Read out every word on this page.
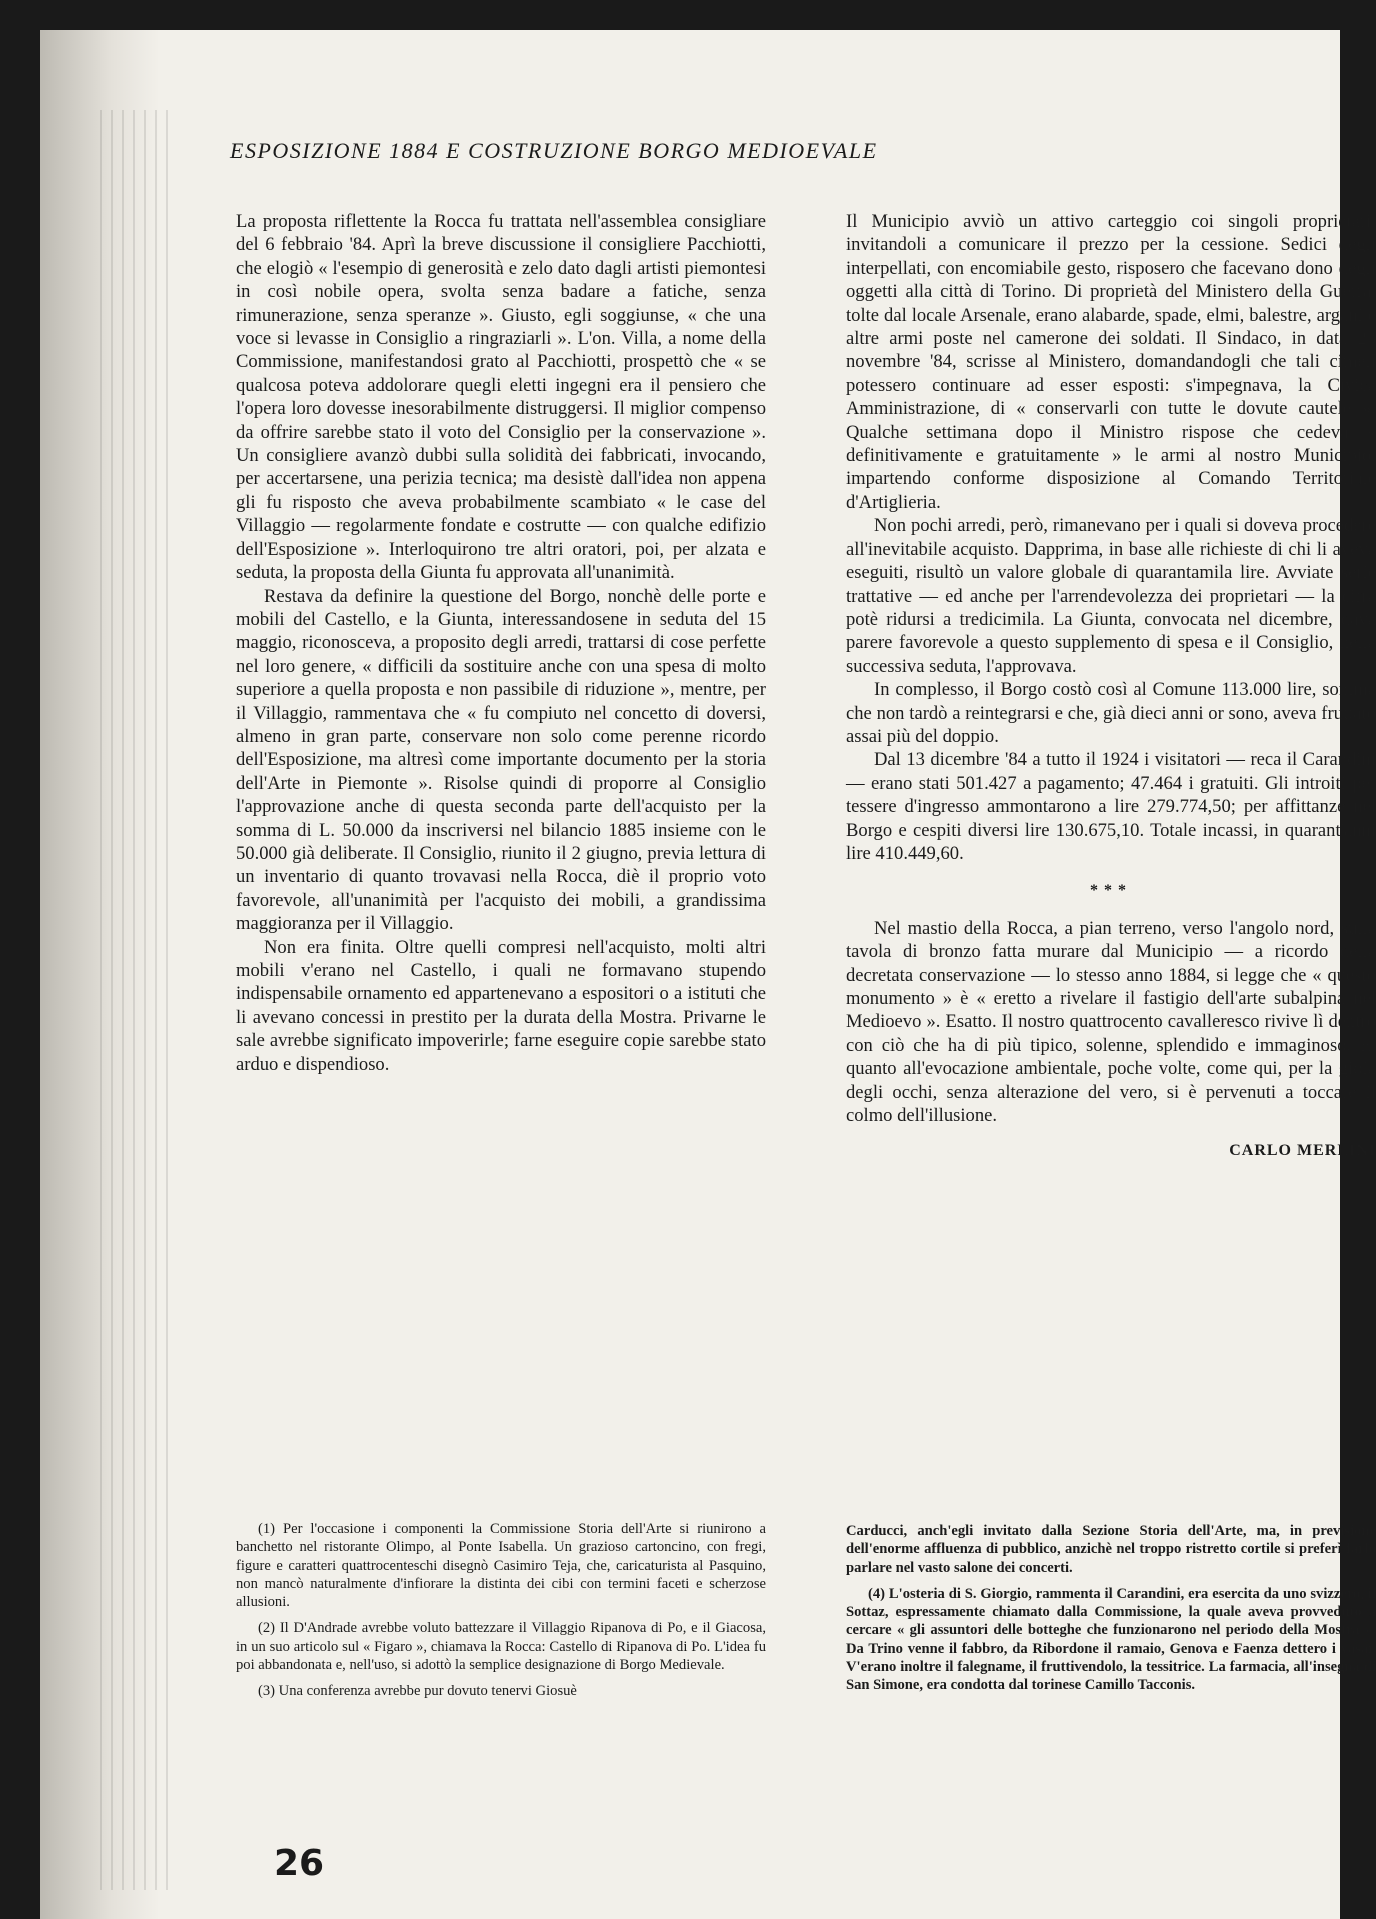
ESPOSIZIONE 1884 E COSTRUZIONE BORGO MEDIOEVALE

La proposta riflettente la Rocca fu trattata nell'assemblea consigliare del 6 febbraio '84. Aprì la breve discussione il consigliere Pacchiotti, che elogiò « l'esempio di generosità e zelo dato dagli artisti piemontesi in così nobile opera, svolta senza badare a fatiche, senza rimunerazione, senza speranze ». Giusto, egli soggiunse, « che una voce si levasse in Consiglio a ringraziarli ». L'on. Villa, a nome della Commissione, manifestandosi grato al Pacchiotti, prospettò che « se qualcosa poteva addolorare quegli eletti ingegni era il pensiero che l'opera loro dovesse inesorabilmente distruggersi. Il miglior compenso da offrire sarebbe stato il voto del Consiglio per la conservazione ». Un consigliere avanzò dubbi sulla solidità dei fabbricati, invocando, per accertarsene, una perizia tecnica; ma desistè dall'idea non appena gli fu risposto che aveva probabilmente scambiato « le case del Villaggio — regolarmente fondate e costrutte — con qualche edifizio dell'Esposizione ». Interloquirono tre altri oratori, poi, per alzata e seduta, la proposta della Giunta fu approvata all'unanimità.

Restava da definire la questione del Borgo, nonchè delle porte e mobili del Castello, e la Giunta, interessandosene in seduta del 15 maggio, riconosceva, a proposito degli arredi, trattarsi di cose perfette nel loro genere, « difficili da sostituire anche con una spesa di molto superiore a quella proposta e non passibile di riduzione », mentre, per il Villaggio, rammentava che « fu compiuto nel concetto di doversi, almeno in gran parte, conservare non solo come perenne ricordo dell'Esposizione, ma altresì come importante documento per la storia dell'Arte in Piemonte ». Risolse quindi di proporre al Consiglio l'approvazione anche di questa seconda parte dell'acquisto per la somma di L. 50.000 da inscriversi nel bilancio 1885 insieme con le 50.000 già deliberate. Il Consiglio, riunito il 2 giugno, previa lettura di un inventario di quanto trovavasi nella Rocca, diè il proprio voto favorevole, all'unanimità per l'acquisto dei mobili, a grandissima maggioranza per il Villaggio.

Non era finita. Oltre quelli compresi nell'acquisto, molti altri mobili v'erano nel Castello, i quali ne formavano stupendo indispensabile ornamento ed appartenevano a espositori o a istituti che li avevano concessi in prestito per la durata della Mostra. Privarne le sale avrebbe significato impoverirle; farne eseguire copie sarebbe stato arduo e dispendioso.

Il Municipio avviò un attivo carteggio coi singoli proprietari, invitandoli a comunicare il prezzo per la cessione. Sedici degli interpellati, con encomiabile gesto, risposero che facevano dono degli oggetti alla città di Torino. Di proprietà del Ministero della Guerra, tolte dal locale Arsenale, erano alabarde, spade, elmi, balestre, argani e altre armi poste nel camerone dei soldati. Il Sindaco, in data 23 novembre '84, scrisse al Ministero, domandandogli che tali cimelî potessero continuare ad esser esposti: s'impegnava, la Civica Amministrazione, di « conservarli con tutte le dovute cautele ». Qualche settimana dopo il Ministro rispose che cedeva « definitivamente e gratuitamente » le armi al nostro Municipio, impartendo conforme disposizione al Comando Territoriale d'Artiglieria.

Non pochi arredi, però, rimanevano per i quali si doveva procedere all'inevitabile acquisto. Dapprima, in base alle richieste di chi li aveva eseguiti, risultò un valore globale di quarantamila lire. Avviate serie trattative — ed anche per l'arrendevolezza dei proprietari — la cifra potè ridursi a tredicimila. La Giunta, convocata nel dicembre, dava parere favorevole a questo supplemento di spesa e il Consiglio, nella successiva seduta, l'approvava.

In complesso, il Borgo costò così al Comune 113.000 lire, somma che non tardò a reintegrarsi e che, già dieci anni or sono, aveva fruttato assai più del doppio.

Dal 13 dicembre '84 a tutto il 1924 i visitatori — reca il Carandini — erano stati 501.427 a pagamento; 47.464 i gratuiti. Gli introiti per tessere d'ingresso ammontarono a lire 279.774,50; per affittanze nel Borgo e cespiti diversi lire 130.675,10. Totale incassi, in quarant'anni lire 410.449,60.

***

Nel mastio della Rocca, a pian terreno, verso l'angolo nord, sulla tavola di bronzo fatta murare dal Municipio — a ricordo della decretata conservazione — lo stesso anno 1884, si legge che « questo monumento » è « eretto a rivelare il fastigio dell'arte subalpina nel Medioevo ». Esatto. Il nostro quattrocento cavalleresco rivive lì dentro con ciò che ha di più tipico, solenne, splendido e immaginoso. E, quanto all'evocazione ambientale, poche volte, come qui, per la gioia degli occhi, senza alterazione del vero, si è pervenuti a toccare il colmo dell'illusione.

CARLO MERLINI

(1) Per l'occasione i componenti la Commissione Storia dell'Arte si riunirono a banchetto nel ristorante Olimpo, al Ponte Isabella. Un grazioso cartoncino, con fregi, figure e caratteri quattrocenteschi disegnò Casimiro Teja, che, caricaturista al Pasquino, non mancò naturalmente d'infiorare la distinta dei cibi con termini faceti e scherzose allusioni.

(2) Il D'Andrade avrebbe voluto battezzare il Villaggio Ripanova di Po, e il Giacosa, in un suo articolo sul « Figaro », chiamava la Rocca: Castello di Ripanova di Po. L'idea fu poi abbandonata e, nell'uso, si adottò la semplice designazione di Borgo Medievale.

(3) Una conferenza avrebbe pur dovuto tenervi Giosuè

Carducci, anch'egli invitato dalla Sezione Storia dell'Arte, ma, in previsione dell'enorme affluenza di pubblico, anzichè nel troppo ristretto cortile si preferì farlo parlare nel vasto salone dei concerti.

(4) L'osteria di S. Giorgio, rammenta il Carandini, era esercita da uno svizzero, il Sottaz, espressamente chiamato dalla Commissione, la quale aveva provveduto a cercare « gli assuntori delle botteghe che funzionarono nel periodo della Mostra ». Da Trino venne il fabbro, da Ribordone il ramaio, Genova e Faenza dettero i vasai. V'erano inoltre il falegname, il fruttivendolo, la tessitrice. La farmacia, all'insegna di San Simone, era condotta dal torinese Camillo Tacconis.

26
